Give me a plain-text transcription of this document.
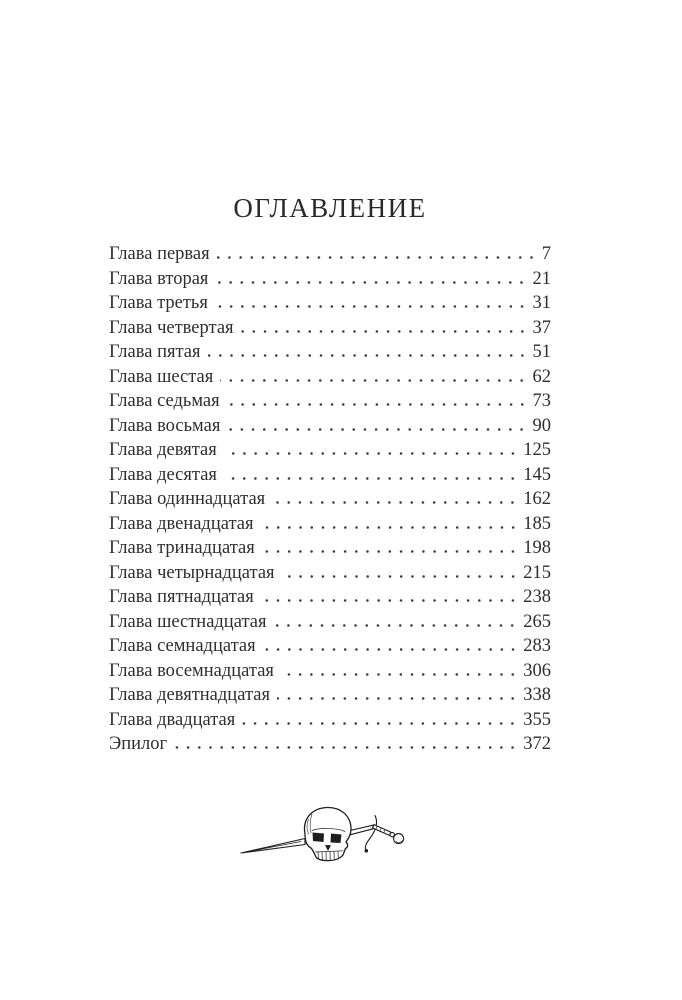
ОГЛАВЛЕНИЕ
Глава первая	7
Глава вторая	21
Глава третья	31
Глава четвертая	37
Глава пятая	51
Глава шестая	62
Глава седьмая	73
Глава восьмая	90
Глава девятая	125
Глава десятая	145
Глава одиннадцатая	162
Глава двенадцатая	185
Глава тринадцатая	198
Глава четырнадцатая	215
Глава пятнадцатая	238
Глава шестнадцатая	265
Глава семнадцатая	283
Глава восемнадцатая	306
Глава девятнадцатая	338
Глава двадцатая	355
Эпилог	372
